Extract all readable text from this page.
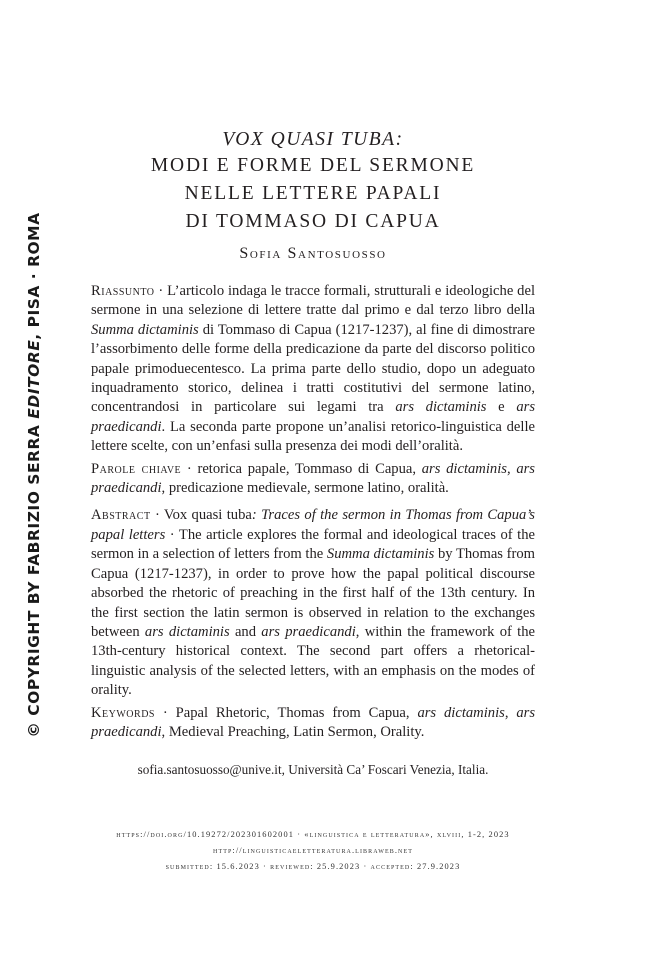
© COPYRIGHT BY FABRIZIO SERRA EDITORE, PISA · ROMA
VOX QUASI TUBA:
MODI E FORME DEL SERMONE
NELLE LETTERE PAPALI
DI TOMMASO DI CAPUA
Sofia Santosuosso

Riassunto · L’articolo indaga le tracce formali, strutturali e ideologiche del sermone in una selezione di lettere tratte dal primo e dal terzo libro della Summa dictaminis di Tommaso di Capua (1217-1237), al fine di dimostrare l’assorbimento delle forme della predicazione da parte del discorso politico papale primoduecentesco. La prima parte dello studio, dopo un adeguato inquadramento storico, delinea i tratti costitutivi del sermone latino, concentrandosi in particolare sui legami tra ars dictaminis e ars praedicandi. La seconda parte propone un’analisi retorico-linguistica delle lettere scelte, con un’enfasi sulla presenza dei modi dell’oralità.

Parole chiave · retorica papale, Tommaso di Capua, ars dictaminis, ars praedicandi, predicazione medievale, sermone latino, oralità.

Abstract · Vox quasi tuba: Traces of the sermon in Thomas from Capua’s papal letters · The article explores the formal and ideological traces of the sermon in a selection of letters from the Summa dictaminis by Thomas from Capua (1217-1237), in order to prove how the papal political discourse absorbed the rhetoric of preaching in the first half of the 13th century. In the first section the latin sermon is observed in relation to the exchanges between ars dictaminis and ars praedicandi, within the framework of the 13th-century historical context. The second part offers a rhetorical-linguistic analysis of the selected letters, with an emphasis on the modes of orality.

Keywords · Papal Rhetoric, Thomas from Capua, ars dictaminis, ars praedicandi, Medieval Preaching, Latin Sermon, Orality.

sofia.santosuosso@unive.it, Università Ca’ Foscari Venezia, Italia.
https://doi.org/10.19272/202301602001 · «linguistica e letteratura», xlviii, 1-2, 2023
http://linguisticaeletteratura.libraweb.net
submitted: 15.6.2023 · reviewed: 25.9.2023 · accepted: 27.9.2023
